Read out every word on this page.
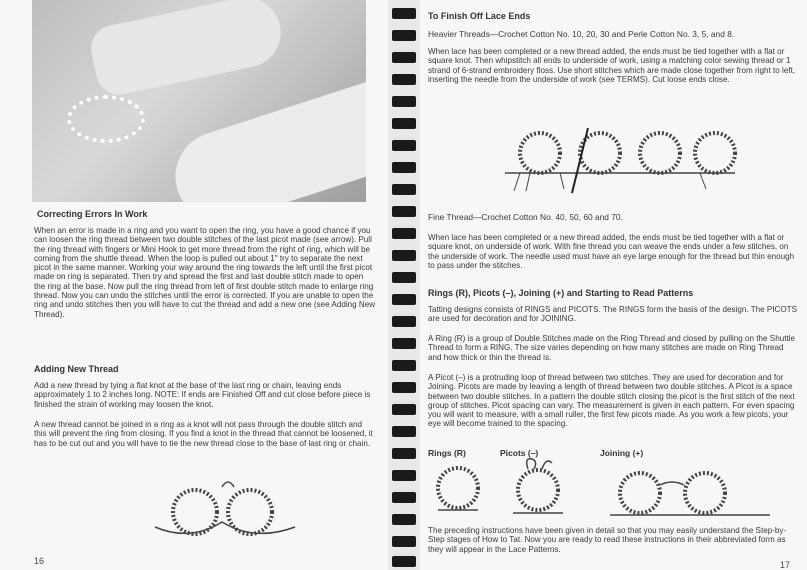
Correcting Errors In Work

When an error is made in a ring and you want to open the ring, you have a good chance if you can loosen the ring thread between two double stitches of the last picot made (see arrow). Pull the ring thread with fingers or Mini Hook to get more thread from the right of ring, which will be coming from the shuttle thread. When the loop is pulled out about 1" try to separate the next picot in the same manner. Working your way around the ring towards the left until the first picot made on ring is separated. Then try and spread the first and last double stitch made to open the ring at the base. Now pull the ring thread from left of first double stitch made to enlarge ring thread. Now you can undo the stitches until the error is corrected. If you are unable to open the ring and undo stitches then you will have to cut the thread and add a new one (see Adding New Thread).

Adding New Thread

Add a new thread by tying a flat knot at the base of the last ring or chain, leaving ends approximately 1 to 2 inches long. NOTE: If ends are Finished Off and cut close before piece is finished the strain of working may loosen the knot.

A new thread cannot be joined in a ring as a knot will not pass through the double stitch and this will prevent the ring from closing. If you find a knot in the thread that cannot be loosened, it has to be cut out and you will have to tie the new thread close to the base of last ring or chain.

16
To Finish Off Lace Ends

Heavier Threads—Crochet Cotton No. 10, 20, 30 and Perle Cotton No. 3, 5, and 8.

When lace has been completed or a new thread added, the ends must be tied together with a flat or square knot. Then whipstitch all ends to underside of work, using a matching color sewing thread or 1 strand of 6-strand embroidery floss. Use short stitches which are made close together from right to left, inserting the needle from the underside of work (see TERMS). Cut loose ends close.

Fine Thread—Crochet Cotton No. 40, 50, 60 and 70.

When lace has been completed or a new thread added, the ends must be tied together with a flat or square knot, on underside of work. With fine thread you can weave the ends under a few stitches, on the underside of work. The needle used must have an eye large enough for the thread but thin enough to pass under the stitches.

Rings (R), Picots (–), Joining (+) and Starting to Read Patterns

Tatting designs consists of RINGS and PICOTS. The RINGS form the basis of the design. The PICOTS are used for decoration and for JOINING.

A Ring (R) is a group of Double Stitches made on the Ring Thread and closed by pulling on the Shuttle Thread to form a RING. The size varies depending on how many stitches are made on Ring Thread and how thick or thin the thread is.

A Picot (–) is a protruding loop of thread between two stitches. They are used for decoration and for Joining. Picots are made by leaving a length of thread between two double stitches. A Picot is a space between two double stitches. In a pattern the double stitch closing the picot is the first stitch of the next group of stitches. Picot spacing can vary. The measurement is given in each pattern. For even spacing you will want to measure, with a small ruller, the first few picots made. As you work a few picots, your eye will become trained to the spacing.

Rings (R)	Picots (–)	Joining (+)

The preceding instructions have been given in detail so that you may easily understand the Step-by-Step stages of How to Tat. Now you are ready to read these instructions in their abbreviated form as they will appear in the Lace Patterns.

17
